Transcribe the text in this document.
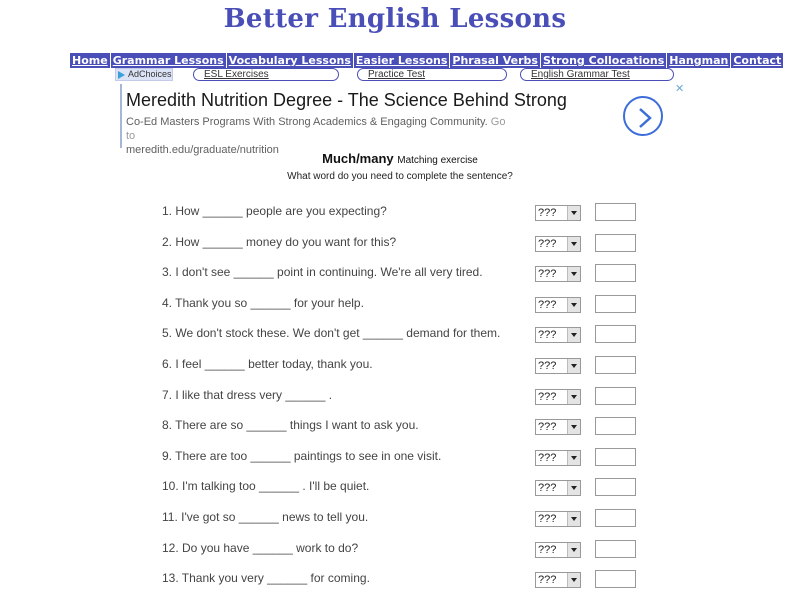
Better English Lessons
Home Grammar Lessons Vocabulary Lessons Easier Lessons Phrasal Verbs Strong Collocations Hangman Contact
AdChoices	ESL Exercises	Practice Test	English Grammar Test
Meredith Nutrition Degree - The Science Behind Strong
Co-Ed Masters Programs With Strong Academics & Engaging Community. Go to
meredith.edu/graduate/nutrition
✕
Much/many Matching exercise
What word do you need to complete the sentence?
1. How ______ people are you expecting?	???
2. How ______ money do you want for this?	???
3. I don't see ______ point in continuing. We're all very tired.	???
4. Thank you so ______ for your help.	???
5. We don't stock these. We don't get ______ demand for them.	???
6. I feel ______ better today, thank you.	???
7. I like that dress very ______ .	???
8. There are so ______ things I want to ask you.	???
9. There are too ______ paintings to see in one visit.	???
10. I'm talking too ______ . I'll be quiet.	???
11. I've got so ______ news to tell you.	???
12. Do you have ______ work to do?	???
13. Thank you very ______ for coming.	???
